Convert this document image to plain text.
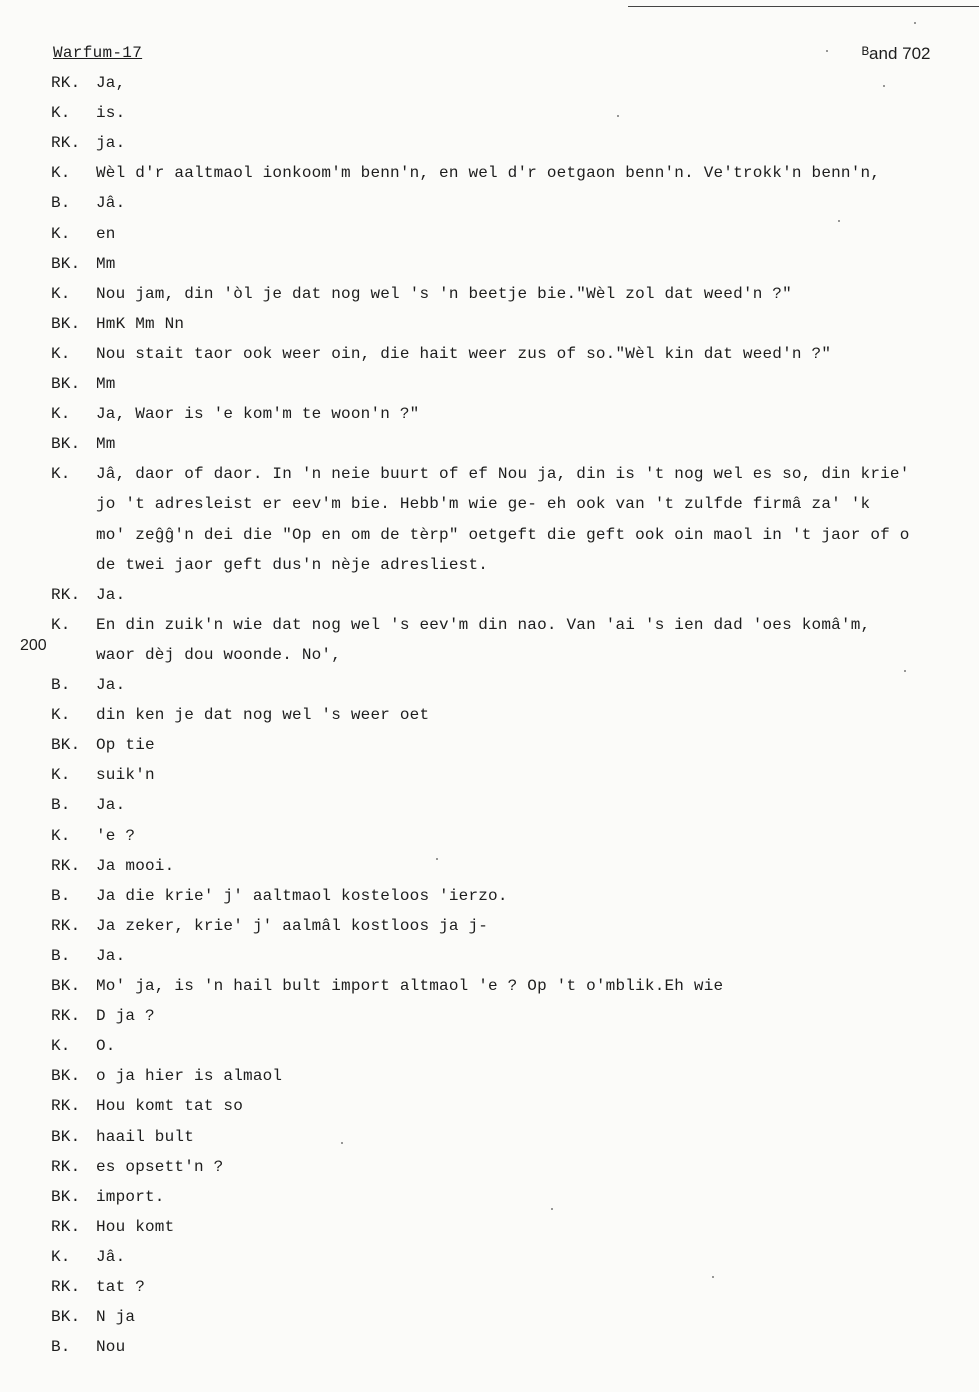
Warfum-17	ᴮand 702
200
RK. Ja,
K. is.
RK. ja.
K. Wèl d'r aaltmaol ionkoom'm benn'n, en wel d'r oetgaon benn'n. Ve'trokk'n benn'n,
B. Jâ.
K. en
BK. Mm
K. Nou jam, din 'òl je dat nog wel 's 'n beetje bie."Wèl zol dat weed'n ?"
BK. HmK Mm Nn
K. Nou stait taor ook weer oin, die hait weer zus of so."Wèl kin dat weed'n ?"
BK. Mm
K. Ja, Waor is 'e kom'm te woon'n ?"
BK. Mm
K. Jâ, daor of daor. In 'n neie buurt of ef Nou ja, din is 't nog wel es so, din krie'
jo 't adresleist er eev'm bie. Hebb'm wie ge- eh ook van 't zulfde firmâ za' 'k
mo' zeĝĝ'n dei die "Op en om de tèrp" oetgeft die geft ook oin maol in 't jaor of o
de twei jaor geft dus'n nèje adresliest.
RK. Ja.
K. En din zuik'n wie dat nog wel 's eev'm din nao. Van 'ai 's ien dad 'oes komâ'm,
waor dèj dou woonde. No',
B. Ja.
K. din ken je dat nog wel 's weer oet
BK. Op tie
K. suik'n
B. Ja.
K. 'e ?
RK. Ja mooi.
B. Ja die krie' j' aaltmaol kosteloos 'ierzo.
RK. Ja zeker, krie' j' aalmâl kostloos ja j-
B. Ja.
BK. Mo' ja, is 'n hail bult import altmaol 'e ? Op 't o'mblik.Eh wie
RK. D ja ?
K. O.
BK. o ja hier is almaol
RK. Hou komt tat so
BK. haail bult
RK. es opsett'n ?
BK. import.
RK. Hou komt
K. Jâ.
RK. tat ?
BK. N ja
B. Nou
